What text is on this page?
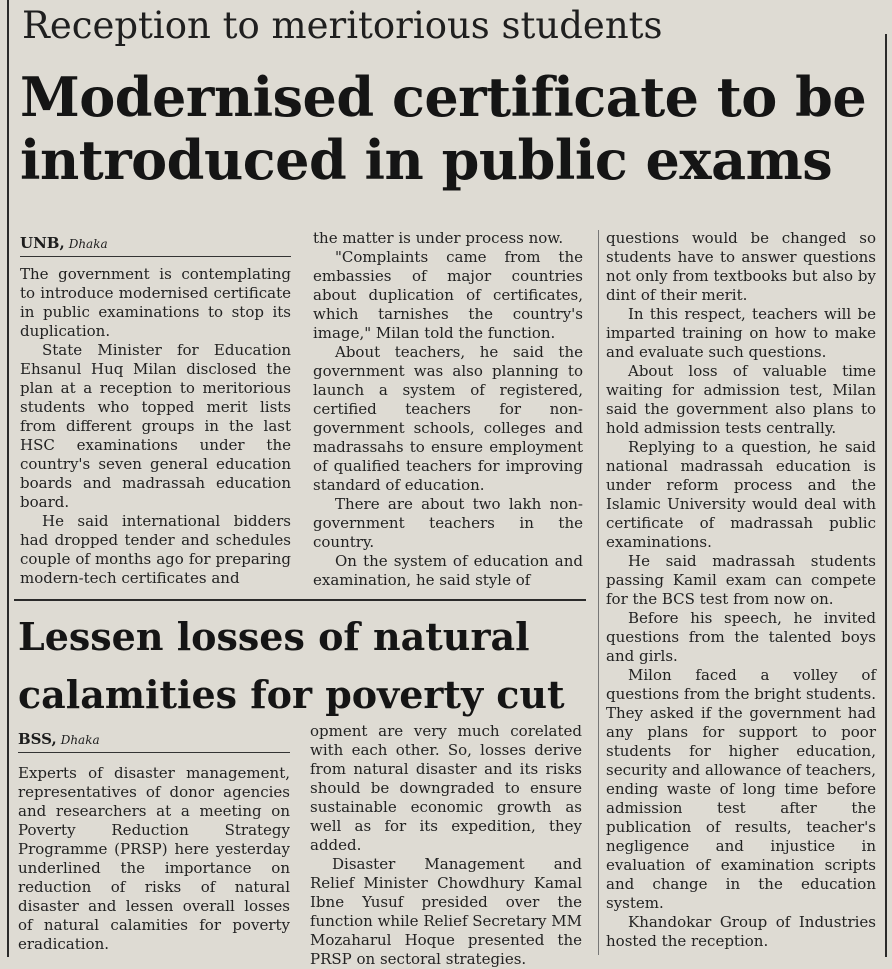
Reception to meritorious students
Modernised certificate to be introduced in public exams
UNB, Dhaka

The government is contemplating to introduce modernised certificate in public examinations to stop its duplication.

State Minister for Education Ehsanul Huq Milan disclosed the plan at a reception to meritorious students who topped merit lists from different groups in the last HSC examinations under the country's seven general education boards and madrassah education board.

He said international bidders had dropped tender and schedules couple of months ago for preparing modern-tech certificates and

the matter is under process now.

"Complaints came from the embassies of major countries about duplication of certificates, which tarnishes the country's image," Milan told the function.

About teachers, he said the government was also planning to launch a system of registered, certified teachers for non-government schools, colleges and madrassahs to ensure employment of qualified teachers for improving standard of education.

There are about two lakh non-government teachers in the country.

On the system of education and examination, he said style of

questions would be changed so students have to answer questions not only from textbooks but also by dint of their merit.

In this respect, teachers will be imparted training on how to make and evaluate such questions.

About loss of valuable time waiting for admission test, Milan said the government also plans to hold admission tests centrally.

Replying to a question, he said national madrassah education is under reform process and the Islamic University would deal with certificate of madrassah public examinations.

He said madrassah students passing Kamil exam can compete for the BCS test from now on.

Before his speech, he invited questions from the talented boys and girls.

Milon faced a volley of questions from the bright students. They asked if the government had any plans for support to poor students for higher education, security and allowance of teachers, ending waste of long time before admission test after the publication of results, teacher's negligence and injustice in evaluation of examination scripts and change in the education system.

Khandokar Group of Industries hosted the reception.

Lessen losses of natural calamities for poverty cut
BSS, Dhaka

Experts of disaster management, representatives of donor agencies and researchers at a meeting on Poverty Reduction Strategy Programme (PRSP) here yesterday underlined the importance on reduction of risks of natural disaster and lessen overall losses of natural calamities for poverty eradication.

opment are very much corelated with each other. So, losses derive from natural disaster and its risks should be downgraded to ensure sustainable economic growth as well as for its expedition, they added.

Disaster Management and Relief Minister Chowdhury Kamal Ibne Yusuf presided over the function while Relief Secretary MM Mozaharul Hoque presented the PRSP on sectoral strategies.
